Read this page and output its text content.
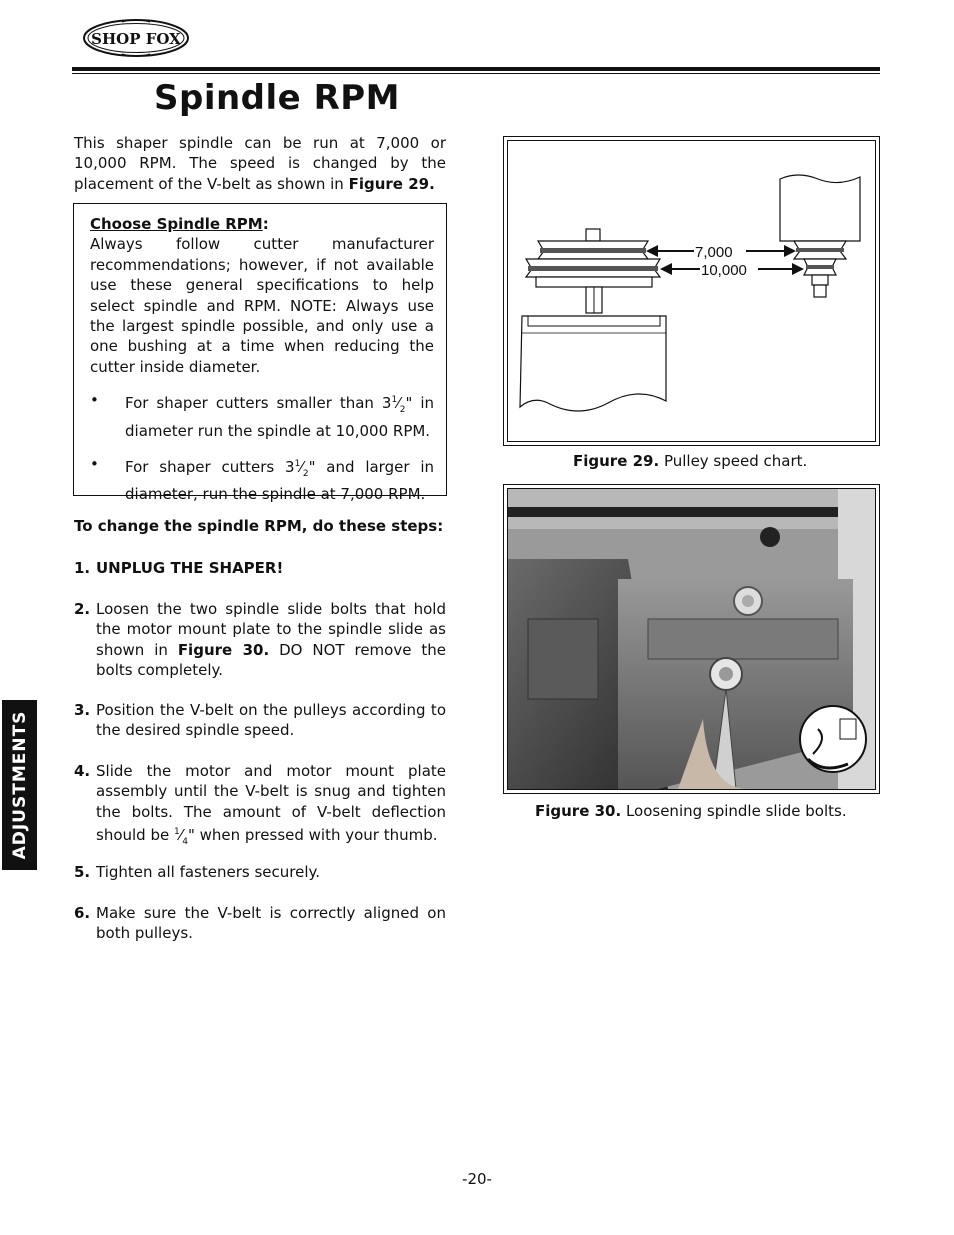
SHOP FOX
Spindle RPM
This shaper spindle can be run at 7,000 or 10,000 RPM. The speed is changed by the placement of the V-belt as shown in Figure 29.

Choose Spindle RPM:

Always follow cutter manufacturer recommendations; however, if not available use these general specifications to help select spindle and RPM. NOTE: Always use the largest spindle possible, and only use a one bushing at a time when reducing the cutter inside diameter.

•	For shaper cutters smaller than $3^1⁄_2$" in diameter run the spindle at 10,000 RPM.
•	For shaper cutters $3^1⁄_2$" and larger in diameter, run the spindle at 7,000 RPM.
To change the spindle RPM, do these steps:
1. UNPLUG THE SHAPER!
2. Loosen the two spindle slide bolts that hold the motor mount plate to the spindle slide as shown in Figure 30. DO NOT remove the bolts completely.
3. Position the V-belt on the pulleys according to the desired spindle speed.
4. Slide the motor and motor mount plate assembly until the V-belt is snug and tighten the bolts. The amount of V-belt deflection should be $^1⁄_4$" when pressed with your thumb.
5. Tighten all fasteners securely.
6. Make sure the V-belt is correctly aligned on both pulleys.
7,000
10,000
Figure 29. Pulley speed chart.
Figure 30. Loosening spindle slide bolts.
ADJUSTMENTS
-20-
